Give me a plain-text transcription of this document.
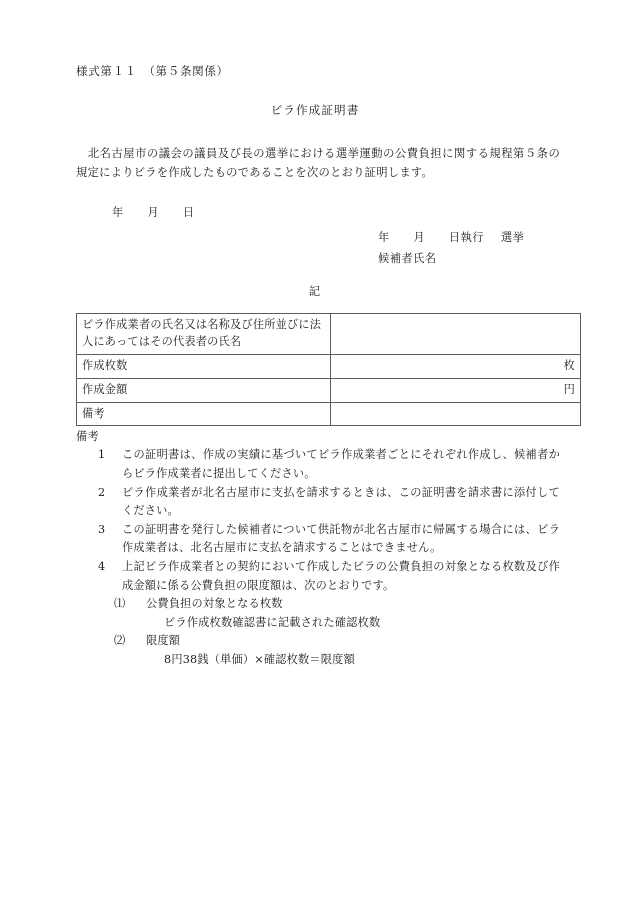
様式第１１　（第５条関係）
ビラ作成証明書

北名古屋市の議会の議員及び長の選挙における選挙運動の公費負担に関する規程第５条の規定によりビラを作成したものであることを次のとおり証明します。

年 月 日
年 月 日執行 選挙
候補者氏名
記
ビラ作成業者の氏名又は名称及び住所並びに法人にあってはその代表者の氏名	
作成枚数	枚
作成金額	円
備考	
備考
1 この証明書は、作成の実績に基づいてビラ作成業者ごとにそれぞれ作成し、候補者からビラ作成業者に提出してください。
2 ビラ作成業者が北名古屋市に支払を請求するときは、この証明書を請求書に添付してください。
3 この証明書を発行した候補者について供託物が北名古屋市に帰属する場合には、ビラ作成業者は、北名古屋市に支払を請求することはできません。
4 上記ビラ作成業者との契約において作成したビラの公費負担の対象となる枚数及び作成金額に係る公費負担の限度額は、次のとおりです。
⑴ 公費負担の対象となる枚数
ビラ作成枚数確認書に記載された確認枚数
⑵ 限度額
8円38銭（単価）×確認枚数＝限度額
